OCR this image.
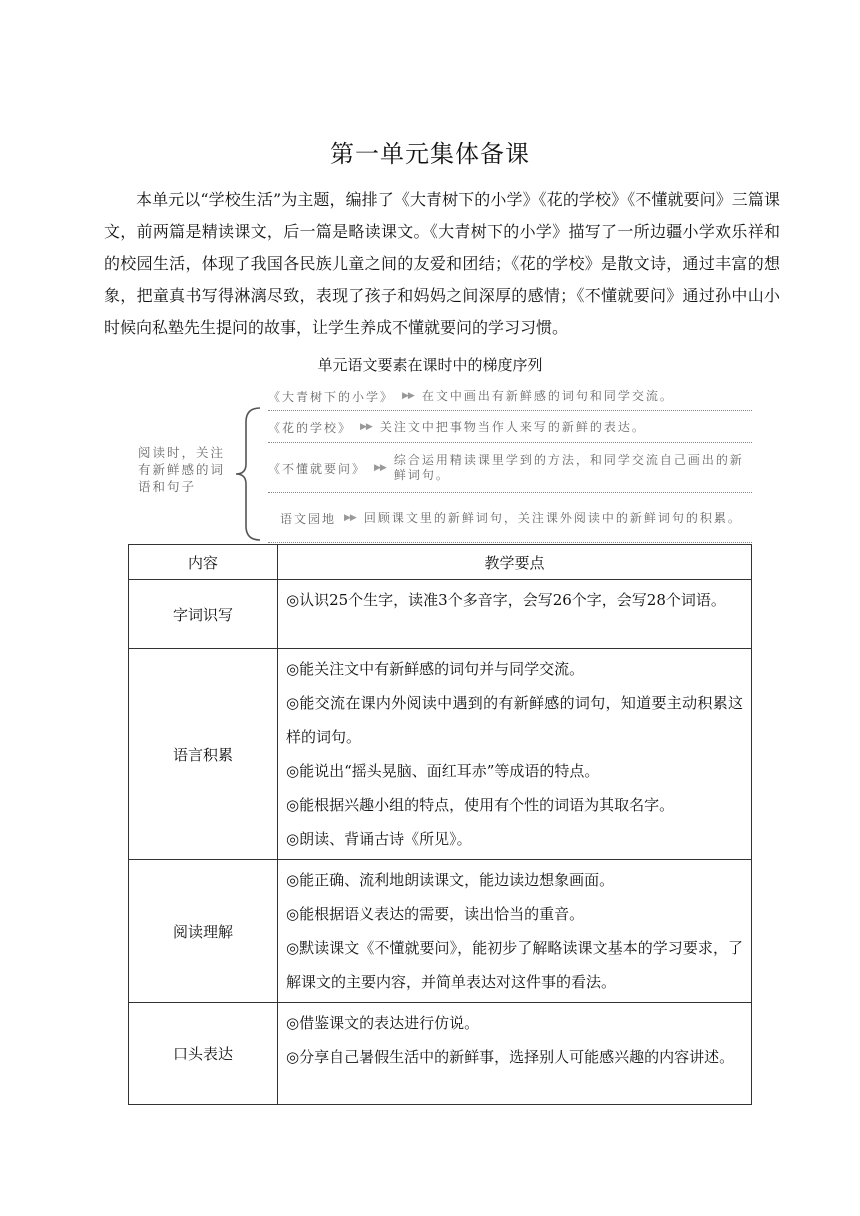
第一单元集体备课
本单元以“学校生活”为主题，编排了《大青树下的小学》《花的学校》《不懂就要问》三篇课文，前两篇是精读课文，后一篇是略读课文。《大青树下的小学》描写了一所边疆小学欢乐祥和的校园生活，体现了我国各民族儿童之间的友爱和团结；《花的学校》是散文诗，通过丰富的想象，把童真书写得淋漓尽致，表现了孩子和妈妈之间深厚的感情；《不懂就要问》通过孙中山小时候向私塾先生提问的故事，让学生养成不懂就要问的学习习惯。
单元语文要素在课时中的梯度序列
阅读时，关注有新鲜感的词语和句子
《大青树下的小学》 ▶▶ 在文中画出有新鲜感的词句和同学交流。
《花的学校》 ▶▶ 关注文中把事物当作人来写的新鲜的表达。
《不懂就要问》 ▶▶
综合运用精读课里学到的方法，和同学交流自己画出的新鲜词句。
语文园地 ▶▶ 回顾课文里的新鲜词句，关注课外阅读中的新鲜词句的积累。
内容	教学要点
字词识写	◎认识25个生字，读准3个多音字，会写26个字，会写28个词语。

语言积累	◎能关注文中有新鲜感的词句并与同学交流。
◎能交流在课内外阅读中遇到的有新鲜感的词句，知道要主动积累这样的词句。
◎能说出“摇头晃脑、面红耳赤”等成语的特点。
◎能根据兴趣小组的特点，使用有个性的词语为其取名字。
◎朗读、背诵古诗《所见》。

阅读理解	◎能正确、流利地朗读课文，能边读边想象画面。
◎能根据语义表达的需要，读出恰当的重音。
◎默读课文《不懂就要问》，能初步了解略读课文基本的学习要求，了解课文的主要内容，并简单表达对这件事的看法。

口头表达	◎借鉴课文的表达进行仿说。
◎分享自己暑假生活中的新鲜事，选择别人可能感兴趣的内容讲述。
